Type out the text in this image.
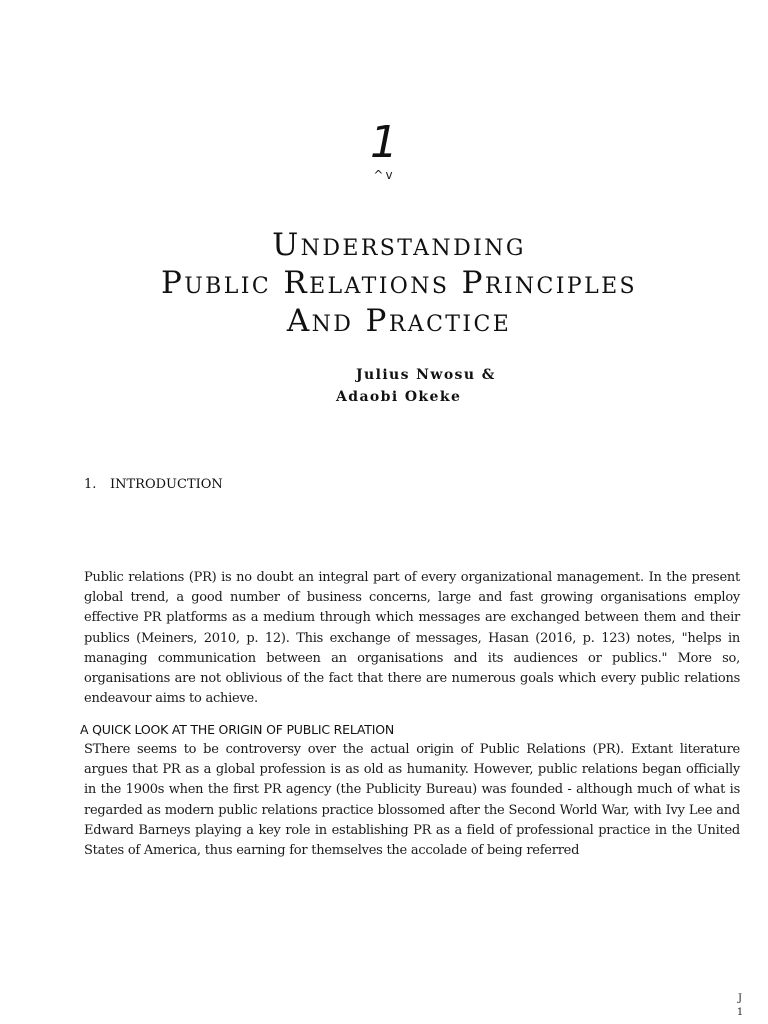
1
^v
Understanding
Public Relations Principles
And Practice
Julius Nwosu &
Adaobi Okeke
1. INTRODUCTION
Public relations (PR) is no doubt an integral part of every organizational management. In the present global trend, a good number of business concerns, large and fast growing organisations employ effective PR platforms as a medium through which messages are exchanged between them and their publics (Meiners, 2010, p. 12). This exchange of messages, Hasan (2016, p. 123) notes, "helps in managing communication between an organisations and its audiences or publics." More so, organisations are not oblivious of the fact that there are numerous goals which every public relations endeavour aims to achieve.
A QUICK LOOK AT THE ORIGIN OF PUBLIC RELATION
SThere seems to be controversy over the actual origin of Public Relations (PR). Extant literature argues that PR as a global profession is as old as humanity. However, public relations began officially in the 1900s when the first PR agency (the Publicity Bureau) was founded - although much of what is regarded as modern public relations practice blossomed after the Second World War, with Ivy Lee and Edward Barneys playing a key role in establishing PR as a field of professional practice in the United States of America, thus earning for themselves the accolade of being referred
J
1
